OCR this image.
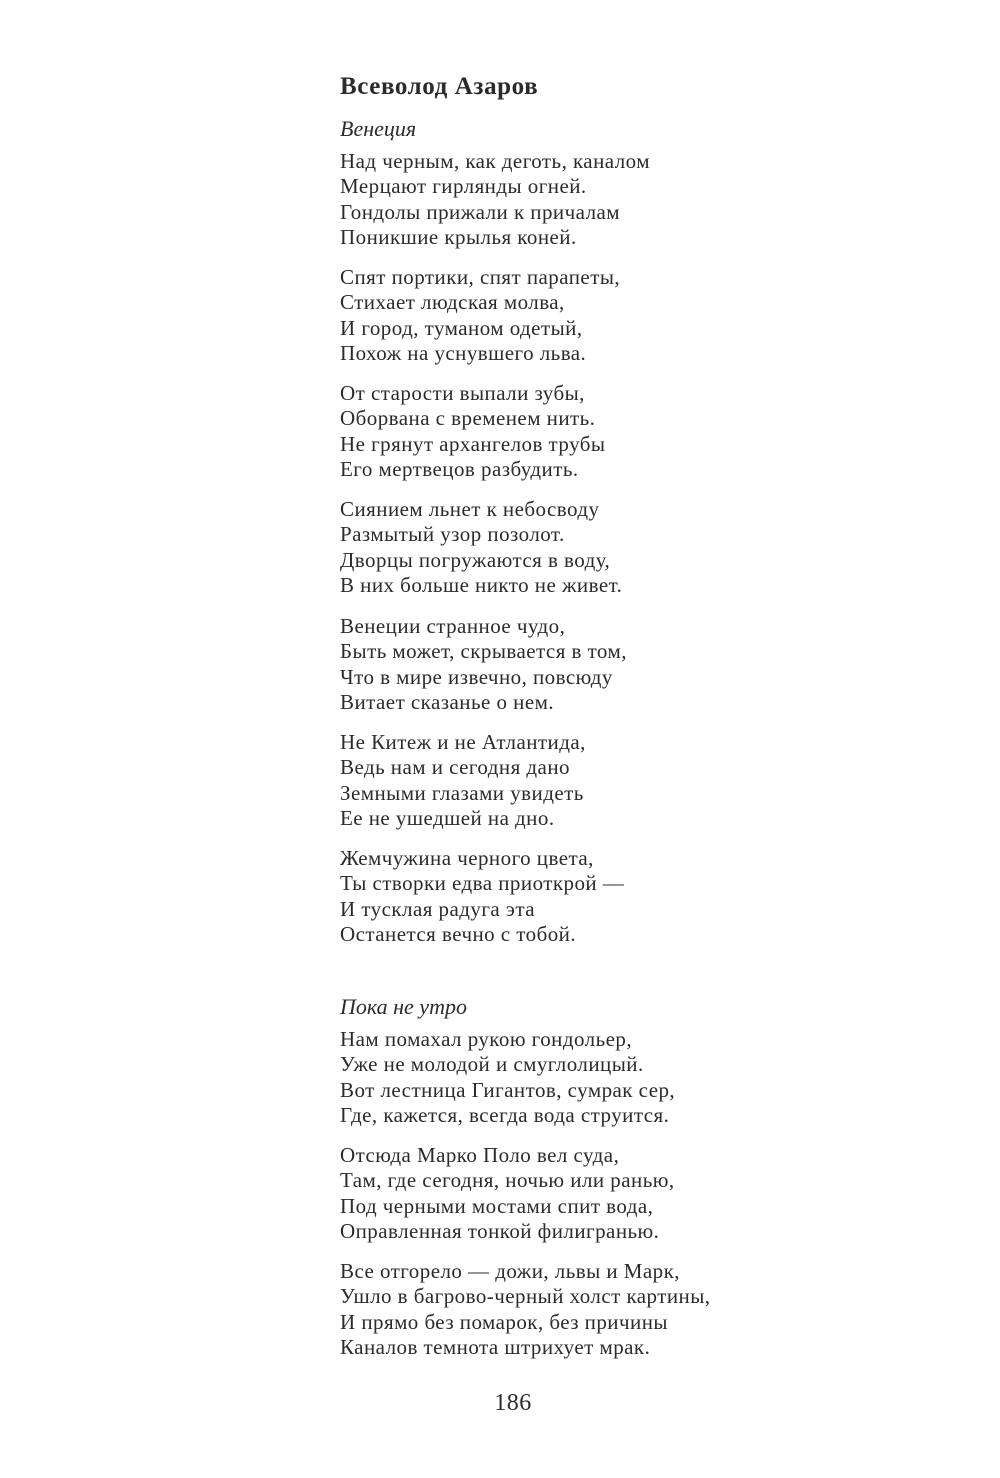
Всеволод Азаров
Венеция
Над черным, как деготь, каналом
Мерцают гирлянды огней.
Гондолы прижали к причалам
Поникшие крылья коней.
Спят портики, спят парапеты,
Стихает людская молва,
И город, туманом одетый,
Похож на уснувшего льва.
От старости выпали зубы,
Оборвана с временем нить.
Не грянут архангелов трубы
Его мертвецов разбудить.
Сиянием льнет к небосводу
Размытый узор позолот.
Дворцы погружаются в воду,
В них больше никто не живет.
Венеции странное чудо,
Быть может, скрывается в том,
Что в мире извечно, повсюду
Витает сказанье о нем.
Не Китеж и не Атлантида,
Ведь нам и сегодня дано
Земными глазами увидеть
Ее не ушедшей на дно.
Жемчужина черного цвета,
Ты створки едва приоткрой —
И тусклая радуга эта
Останется вечно с тобой.
Пока не утро
Нам помахал рукою гондольер,
Уже не молодой и смуглолицый.
Вот лестница Гигантов, сумрак сер,
Где, кажется, всегда вода струится.
Отсюда Марко Поло вел суда,
Там, где сегодня, ночью или ранью,
Под черными мостами спит вода,
Оправленная тонкой филигранью.
Все отгорело — дожи, львы и Марк,
Ушло в багрово-черный холст картины,
И прямо без помарок, без причины
Каналов темнота штрихует мрак.
186
